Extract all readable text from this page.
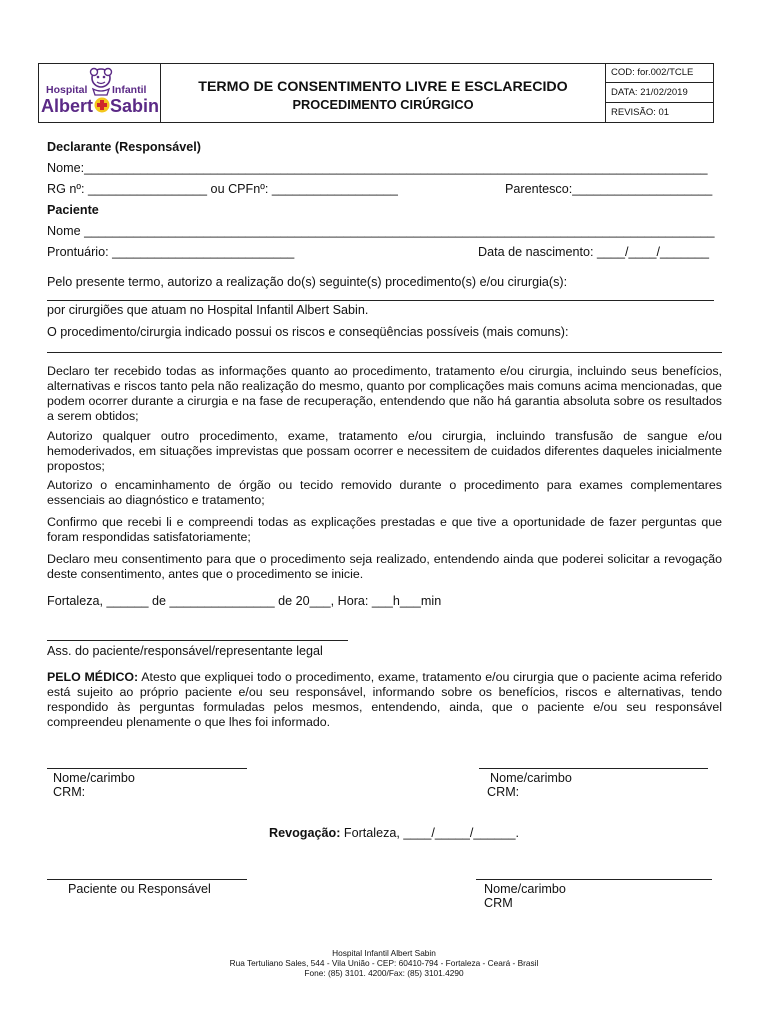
Hospital Infantil
Albert Sabin
TERMO DE CONSENTIMENTO LIVRE E ESCLARECIDO
PROCEDIMENTO CIRÚRGICO
COD: for.002/TCLE
DATA: 21/02/2019
REVISÃO: 01
Declarante (Responsável)
Nome:_________________________________________________________________________________________
RG nº: _________________ ou CPFnº: __________________	Parentesco:____________________
Paciente
Nome __________________________________________________________________________________________
Prontuário: __________________________	Data de nascimento: ____/____/_______
Pelo presente termo, autorizo a realização do(s) seguinte(s) procedimento(s) e/ou cirurgia(s):
por cirurgiões que atuam no Hospital Infantil Albert Sabin.
O procedimento/cirurgia indicado possui os riscos e conseqüências possíveis (mais comuns):
Declaro ter recebido todas as informações quanto ao procedimento, tratamento e/ou cirurgia, incluindo seus benefícios, alternativas e riscos tanto pela não realização do mesmo, quanto por complicações mais comuns acima mencionadas, que podem ocorrer durante a cirurgia e na fase de recuperação, entendendo que não há garantia absoluta sobre os resultados a serem obtidos;
Autorizo qualquer outro procedimento, exame, tratamento e/ou cirurgia, incluindo transfusão de sangue e/ou hemoderivados, em situações imprevistas que possam ocorrer e necessitem de cuidados diferentes daqueles inicialmente propostos;
Autorizo o encaminhamento de órgão ou tecido removido durante o procedimento para exames complementares essenciais ao diagnóstico e tratamento;
Confirmo que recebi li e compreendi todas as explicações prestadas e que tive a oportunidade de fazer perguntas que foram respondidas satisfatoriamente;
Declaro meu consentimento para que o procedimento seja realizado, entendendo ainda que poderei solicitar a revogação deste consentimento, antes que o procedimento se inicie.
Fortaleza, ______ de _______________ de 20___, Hora: ___h___min
Ass. do paciente/responsável/representante legal
PELO MÉDICO: Atesto que expliquei todo o procedimento, exame, tratamento e/ou cirurgia que o paciente acima referido está sujeito ao próprio paciente e/ou seu responsável, informando sobre os benefícios, riscos e alternativas, tendo respondido às perguntas formuladas pelos mesmos, entendendo, ainda, que o paciente e/ou seu responsável compreendeu plenamente o que lhes foi informado.
Nome/carimbo
CRM:
Nome/carimbo
CRM:
Revogação: Fortaleza, ____/_____/______.
Paciente ou Responsável	Nome/carimbo
CRM
Hospital Infantil Albert Sabin
Rua Tertuliano Sales, 544 - Vila União - CEP: 60410-794 - Fortaleza - Ceará - Brasil
Fone: (85) 3101. 4200/Fax: (85) 3101.4290
